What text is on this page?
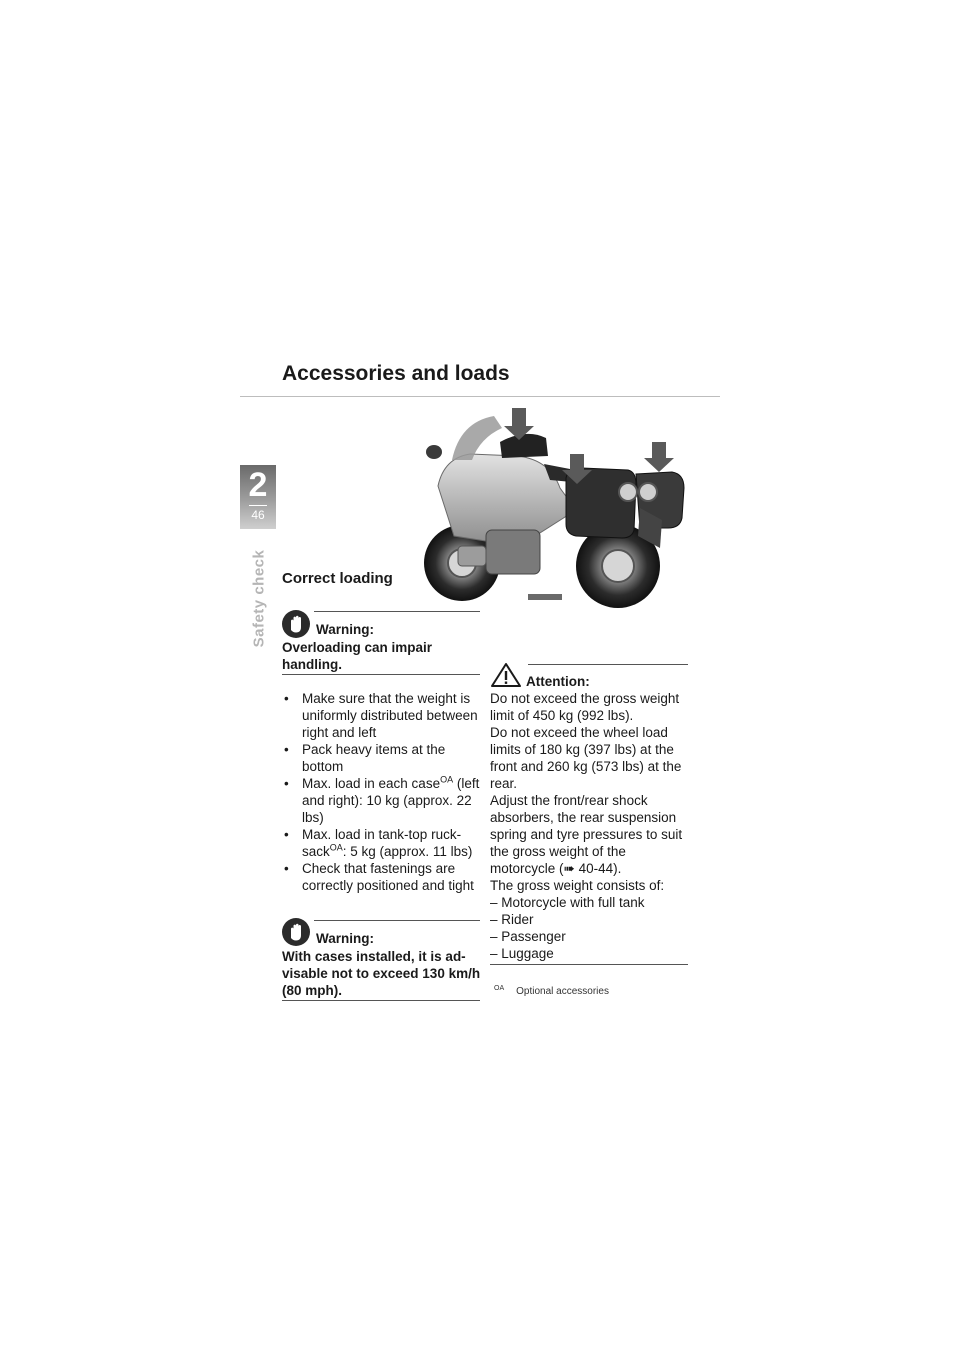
Accessories and loads
2
46
Safety check Correct loading
Warning:
Overloading can impair handling.
• Make sure that the weight is uniformly distributed between right and left
• Pack heavy items at the bottom
• Max. load in each case$^{OA}$ (left and right): 10 kg (approx. 22 lbs)
• Max. load in tank-top ruck-sack$^{OA}$: 5 kg (approx. 11 lbs)
• Check that fastenings are correctly positioned and tight
Warning:
With cases installed, it is ad-visable not to exceed 130 km/h (80 mph).
Attention:
Do not exceed the gross weight limit of 450 kg (992 lbs).
Do not exceed the wheel load limits of 180 kg (397 lbs) at the front and 260 kg (573 lbs) at the rear.
Adjust the front/rear shock absorbers, the rear suspension spring and tyre pressures to suit the gross weight of the motorcycle (➠ 40-44).
The gross weight consists of:
– Motorcycle with full tank
– Rider
– Passenger
– Luggage
$^{OA}$ Optional accessories
